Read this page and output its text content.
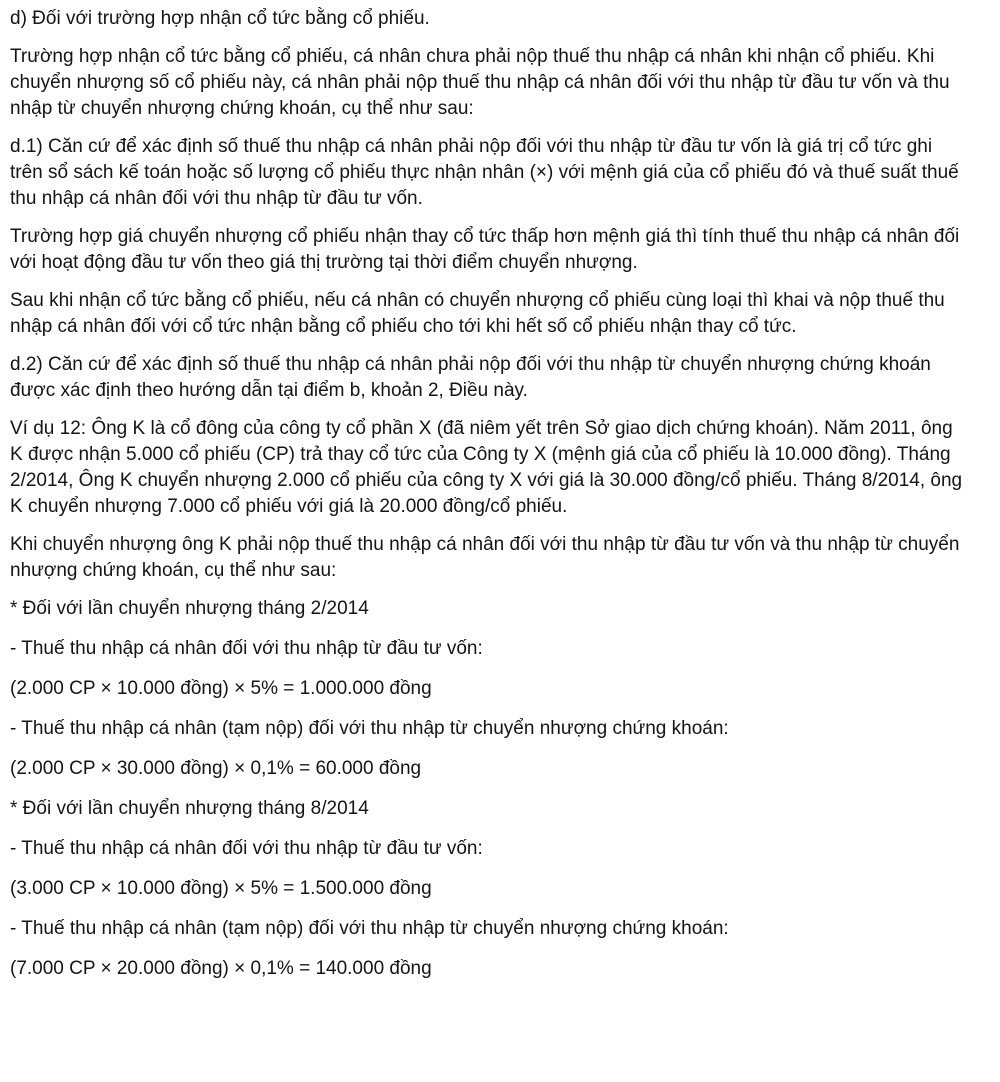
d) Đối với trường hợp nhận cổ tức bằng cổ phiếu.

Trường hợp nhận cổ tức bằng cổ phiếu, cá nhân chưa phải nộp thuế thu nhập cá nhân khi nhận cổ phiếu. Khi chuyển nhượng số cổ phiếu này, cá nhân phải nộp thuế thu nhập cá nhân đối với thu nhập từ đầu tư vốn và thu nhập từ chuyển nhượng chứng khoán, cụ thể như sau:

d.1) Căn cứ để xác định số thuế thu nhập cá nhân phải nộp đối với thu nhập từ đầu tư vốn là giá trị cổ tức ghi trên sổ sách kế toán hoặc số lượng cổ phiếu thực nhận nhân (×) với mệnh giá của cổ phiếu đó và thuế suất thuế thu nhập cá nhân đối với thu nhập từ đầu tư vốn.

Trường hợp giá chuyển nhượng cổ phiếu nhận thay cổ tức thấp hơn mệnh giá thì tính thuế thu nhập cá nhân đối với hoạt động đầu tư vốn theo giá thị trường tại thời điểm chuyển nhượng.

Sau khi nhận cổ tức bằng cổ phiếu, nếu cá nhân có chuyển nhượng cổ phiếu cùng loại thì khai và nộp thuế thu nhập cá nhân đối với cổ tức nhận bằng cổ phiếu cho tới khi hết số cổ phiếu nhận thay cổ tức.

d.2) Căn cứ để xác định số thuế thu nhập cá nhân phải nộp đối với thu nhập từ chuyển nhượng chứng khoán được xác định theo hướng dẫn tại điểm b, khoản 2, Điều này.

Ví dụ 12: Ông K là cổ đông của công ty cổ phần X (đã niêm yết trên Sở giao dịch chứng khoán). Năm 2011, ông K được nhận 5.000 cổ phiếu (CP) trả thay cổ tức của Công ty X (mệnh giá của cổ phiếu là 10.000 đồng). Tháng 2/2014, Ông K chuyển nhượng 2.000 cổ phiếu của công ty X với giá là 30.000 đồng/cổ phiếu. Tháng 8/2014, ông K chuyển nhượng 7.000 cổ phiếu với giá là 20.000 đồng/cổ phiếu.

Khi chuyển nhượng ông K phải nộp thuế thu nhập cá nhân đối với thu nhập từ đầu tư vốn và thu nhập từ chuyển nhượng chứng khoán, cụ thể như sau:

* Đối với lần chuyển nhượng tháng 2/2014

- Thuế thu nhập cá nhân đối với thu nhập từ đầu tư vốn:

(2.000 CP × 10.000 đồng) × 5% = 1.000.000 đồng

- Thuế thu nhập cá nhân (tạm nộp) đối với thu nhập từ chuyển nhượng chứng khoán:

(2.000 CP × 30.000 đồng) × 0,1% = 60.000 đồng

* Đối với lần chuyển nhượng tháng 8/2014

- Thuế thu nhập cá nhân đối với thu nhập từ đầu tư vốn:

(3.000 CP × 10.000 đồng) × 5% = 1.500.000 đồng

- Thuế thu nhập cá nhân (tạm nộp) đối với thu nhập từ chuyển nhượng chứng khoán:

(7.000 CP × 20.000 đồng) × 0,1% = 140.000 đồng
